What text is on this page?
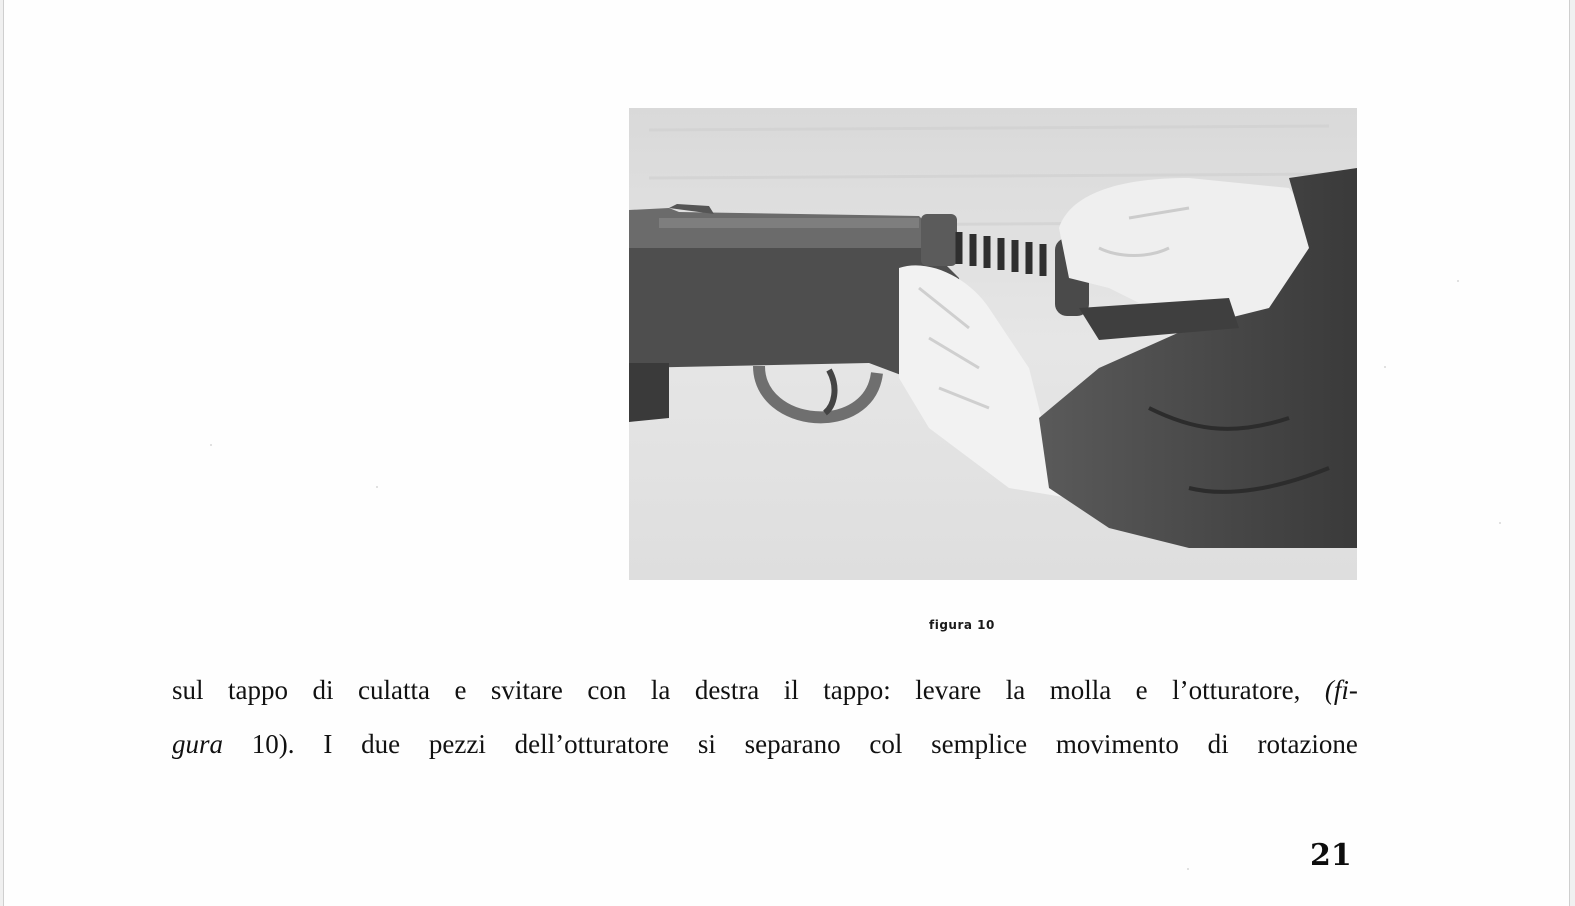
figura 10
sul tappo di culatta e svitare con la destra il tappo: levare la molla e l’otturatore, (fi-
gura 10). I due pezzi dell’otturatore si separano col semplice movimento di rotazione
21
